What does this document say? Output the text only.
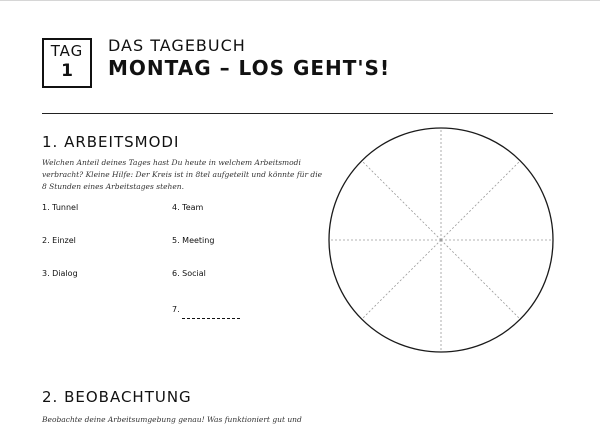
TAG
1
DAS TAGEBUCH
MONTAG – LOS GEHT'S!
1. ARBEITSMODI
Welchen Anteil deines Tages hast Du heute in welchem Arbeitsmodi
verbracht? Kleine Hilfe: Der Kreis ist in 8tel aufgeteilt und könnte für die
8 Stunden eines Arbeitstages stehen.
1. Tunnel
2. Einzel
3. Dialog
4. Team
5. Meeting
6. Social
7.
2. BEOBACHTUNG
Beobachte deine Arbeitsumgebung genau! Was funktioniert gut und
